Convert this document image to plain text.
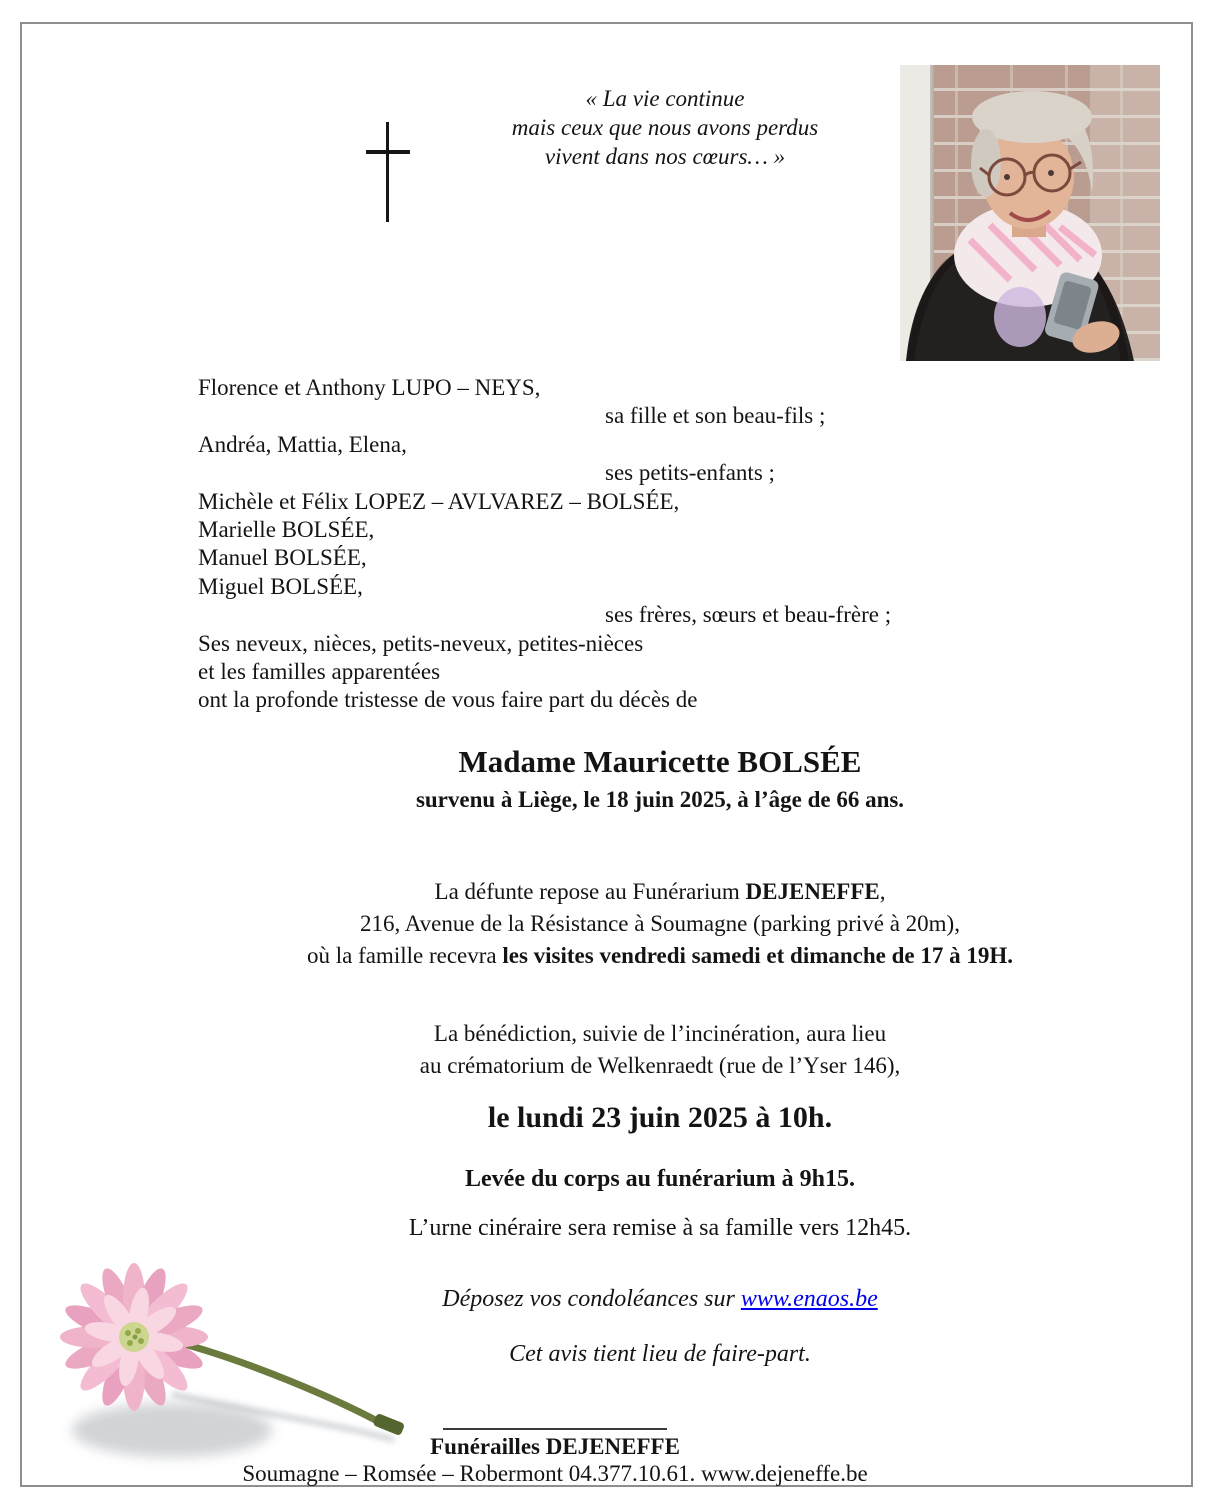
« La vie continue
mais ceux que nous avons perdus
vivent dans nos cœurs… »
Florence et Anthony LUPO – NEYS,
sa fille et son beau-fils ;
Andréa, Mattia, Elena,
ses petits-enfants ;
Michèle et Félix LOPEZ – AVLVAREZ – BOLSÉE,
Marielle BOLSÉE,
Manuel BOLSÉE,
Miguel BOLSÉE,
ses frères, sœurs et beau-frère ;
Ses neveux, nièces, petits-neveux, petites-nièces
et les familles apparentées
ont la profonde tristesse de vous faire part du décès de
Madame Mauricette BOLSÉE
survenu à Liège, le 18 juin 2025, à l’âge de 66 ans.
La défunte repose au Funérarium DEJENEFFE,
216, Avenue de la Résistance à Soumagne (parking privé à 20m),
où la famille recevra les visites vendredi samedi et dimanche de 17 à 19H.
La bénédiction, suivie de l’incinération, aura lieu
au crématorium de Welkenraedt (rue de l’Yser 146),
le lundi 23 juin 2025 à 10h.
Levée du corps au funérarium à 9h15.
L’urne cinéraire sera remise à sa famille vers 12h45.
Déposez vos condoléances sur www.enaos.be
Cet avis tient lieu de faire-part.
Funérailles DEJENEFFE
Soumagne – Romsée – Robermont 04.377.10.61. www.dejeneffe.be
